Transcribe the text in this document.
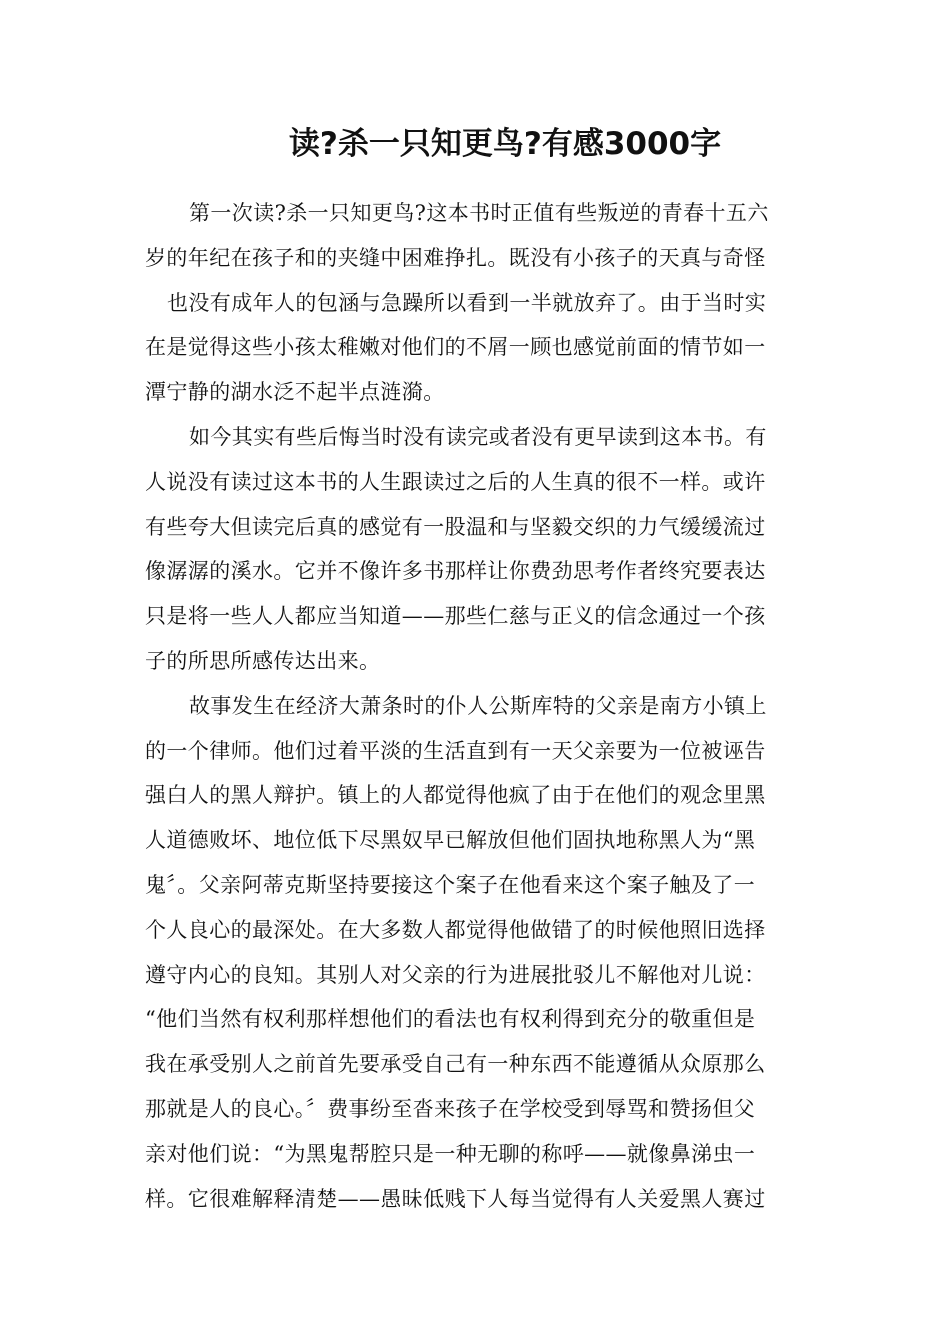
读?杀一只知更鸟?有感3000字
第一次读?杀一只知更鸟?这本书时正值有些叛逆的青春十五六
岁的年纪在孩子和的夹缝中困难挣扎。既没有小孩子的天真与奇怪
也没有成年人的包涵与急躁所以看到一半就放弃了。由于当时实
在是觉得这些小孩太稚嫩对他们的不屑一顾也感觉前面的情节如一
潭宁静的湖水泛不起半点涟漪。
如今其实有些后悔当时没有读完或者没有更早读到这本书。有
人说没有读过这本书的人生跟读过之后的人生真的很不一样。或许
有些夸大但读完后真的感觉有一股温和与坚毅交织的力气缓缓流过
像潺潺的溪水。它并不像许多书那样让你费劲思考作者终究要表达
只是将一些人人都应当知道——那些仁慈与正义的信念通过一个孩
子的所思所感传达出来。
故事发生在经济大萧条时的仆人公斯库特的父亲是南方小镇上
的一个律师。他们过着平淡的生活直到有一天父亲要为一位被诬告
强白人的黑人辩护。镇上的人都觉得他疯了由于在他们的观念里黑
人道德败坏、地位低下尽黑奴早已解放但他们固执地称黑人为“黑
鬼〞。父亲阿蒂克斯坚持要接这个案子在他看来这个案子触及了一
个人良心的最深处。在大多数人都觉得他做错了的时候他照旧选择
遵守内心的良知。其别人对父亲的行为进展批驳儿不解他对儿说：
“他们当然有权利那样想他们的看法也有权利得到充分的敬重但是
我在承受别人之前首先要承受自己有一种东西不能遵循从众原那么
那就是人的良心。〞费事纷至沓来孩子在学校受到辱骂和赞扬但父
亲对他们说：“为黑鬼帮腔只是一种无聊的称呼——就像鼻涕虫一
样。它很难解释清楚——愚昧低贱下人每当觉得有人关爱黑人赛过
